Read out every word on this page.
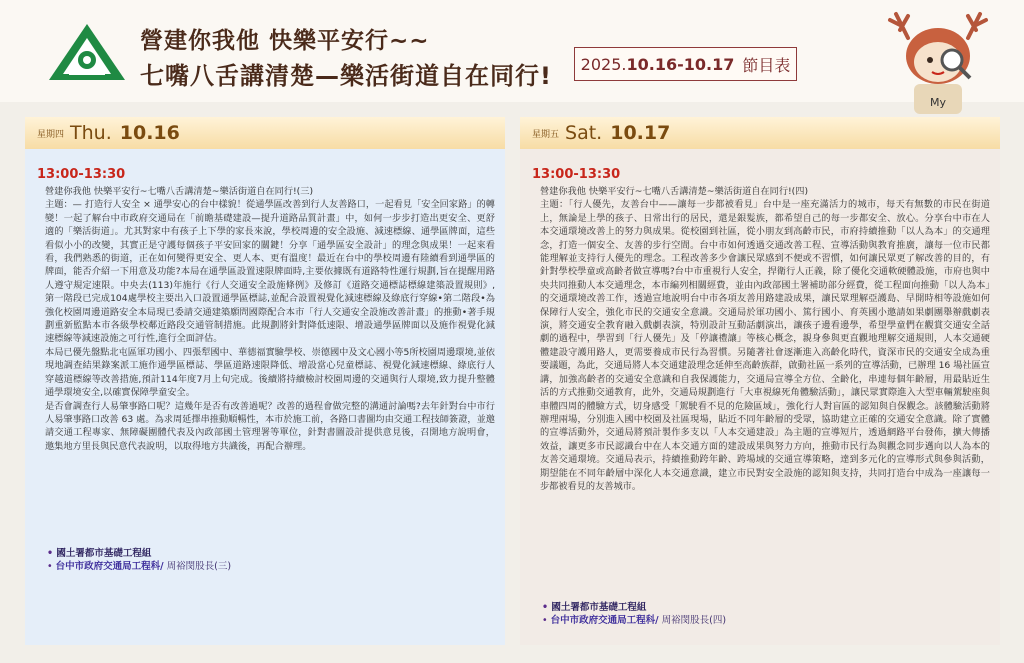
營建你我他 快樂平安行~~
七嘴八舌講清楚—樂活街道自在同行! 2025.10.16-10.17 節目表
My
星期四 Thu. 10.16
13:00-13:30

營建你我他 快樂平安行~七嘴八舌講清楚~樂活街道自在同行!(三)

主題：— 打造行人安全 × 通學安心的台中樣貌！從通學區改善到行人友善路口，一起看見「安全回家路」的轉變！一起了解台中市政府交通局在「前瞻基礎建設—提升道路品質計畫」中，如何一步步打造出更安全、更舒適的「樂活街道」。尤其對家中有孩子上下學的家長來說，學校周邊的安全設施、減速標線、通學區牌面，這些看似小小的改變，其實正是守護每個孩子平安回家的關鍵！分享「通學區安全設計」的理念與成果！一起來看看，我們熟悉的街道，正在如何變得更安全、更人本、更有溫度！最近在台中的學校周邊有陸續看到通學區的牌面，能否介紹一下用意及功能?本局在通學區設置速限牌面時,主要依據既有道路特性運行規劃,旨在提醒用路人遵守規定速限。中央去(113)年施行《行人交通安全設施條例》及修訂《道路交通標誌標線建築設置規則》,第一階段已完成104處學校主要出入口設置通學區標誌,並配合設置視覺化減速標線及綠底行穿線•第二階段•為強化校園周邊道路安全本局現已委請交通建築願問國際配合本市「行人交通安全設施改善計畫」的推動•著手規劃重新監點本市各級學校鄰近路段交通管制措施。此規劃將針對降低速限、增設通學區牌面以及施作視覺化減速標線等減速設施之可行性,進行全面評估。

本局已優先盤點北屯區軍功國小、四張犁國中、華德福實驗學校、崇德國中及文心國小等5所校園周邊環境,並依現地調查結果錄案派工施作通學區標誌、學區道路速限降低、增設當心兒童標誌、視覺化減速標線、綠底行人穿越道標線等改善措施,預計114年度7月上旬完成。後續將持續檢討校園周邊的交通與行人環境,致力提升整體通學環境安全,以確實保障學童安全。

是否會調查行人易肇事路口呢？這幾年是否有改善過呢？改善的過程會做完整的溝通討論嗎?去年針對台中市行人易肇事路口改善 63 處。為求周延擇串推動順暢性，本市於施工前，各路口書圖均由交通工程技師簽證，並邀請交通工程專家、無障礙團體代表及內政部國土管理署等單位，針對書圖設計提供意見後，召開地方說明會，邀集地方里長與民意代表說明，以取得地方共識後，再配合辦理。

• 國土署都市基礎工程組
• 台中市政府交通局工程科/ 周裕閔股長(三)
星期五 Sat. 10.17
13:00-13:30

營建你我他 快樂平安行~七嘴八舌講清楚~樂活街道自在同行!(四)

主題：「行人優先，友善台中——讓每一步都被看見」台中是一座充滿活力的城市，每天有無數的市民在街道上，無論是上學的孩子、日常出行的居民，還是銀髮族，都希望自己的每一步都安全、放心。分享台中市在人本交通環境改善上的努力與成果。從校園到社區，從小朋友到高齡市民，市府持續推動「以人為本」的交通理念，打造一個安全、友善的步行空間。台中市如何透過交通改善工程、宣導活動與教育推廣，讓每一位市民都能理解並支持行人優先的理念。工程改善多少會讓民眾感到不便或不習慣，如何讓民眾更了解改善的目的，有針對學校學童或高齡者做宣導嗎?台中市重視行人安全，捍衛行人正義，除了優化交通軟硬體設施，市府也與中央共同推動人本交通理念，本市編列相關經費，並由內政部國土署補助部分經費，從工程面向推動「以人為本」的交通環境改善工作，透過宣地說明台中市各項友善用路建設成果，讓民眾理解亞護島、早開時相等設施如何保障行人安全，強化市民的交通安全意識。交通局於軍功國小、篤行國小、育英國小邀請如果劇團舉辦戲劇表演，將交通安全教育融入戲劇表演，特別設計互動話劇演出，讓孩子邊看邊學，希望學童們在觀賞交通安全話劇的過程中，學習到「行人優先」及「停讓禮讓」等核心概念，親身參與更直觀地理解交通規則，人本交通硬體建設守護用路人，更需要養成市民行為習慣。另隨著社會逐漸進入高齡化時代，資深市民的交通安全成為重要議題，為此，交通局將人本交通建設理念延伸至高齡族群，啟動社區一系列的宣導活動，已辦理 16 場社區宣講，加強高齡者的交通安全意識和自我保護能力，交通局宣導全方位、全齡化，串連每個年齡層，用最貼近生活的方式推動交通教育，此外，交通局規劃進行「大車視線死角體驗活動」，讓民眾實際進入大型車輛駕駛座與車體四周的體驗方式，切身感受「駕駛看不見的危險區域」，強化行人對盲區的認知與自保觀念。該體驗活動將辦理兩場，分別進入國中校園及社區現場，貼近不同年齡層的受眾，協助建立正確的交通安全意識。除了實體的宣導活動外，交通局將預計製作多支以「人本交通建設」為主題的宣導短片，透過網路平台發佈，擴大傳播效益，讓更多市民認識台中在人本交通方面的建設成果與努力方向，推動市民行為與觀念同步邁向以人為本的友善交通環境。交通局表示，持續推動跨年齡、跨場域的交通宣導策略，達到多元化的宣導形式與參與活動，期望能在不同年齡層中深化人本交通意識，建立市民對安全設施的認知與支持，共同打造台中成為一座讓每一步都被看見的友善城市。

• 國土署都市基礎工程組
• 台中市政府交通局工程科/ 周裕閔股長(四)
